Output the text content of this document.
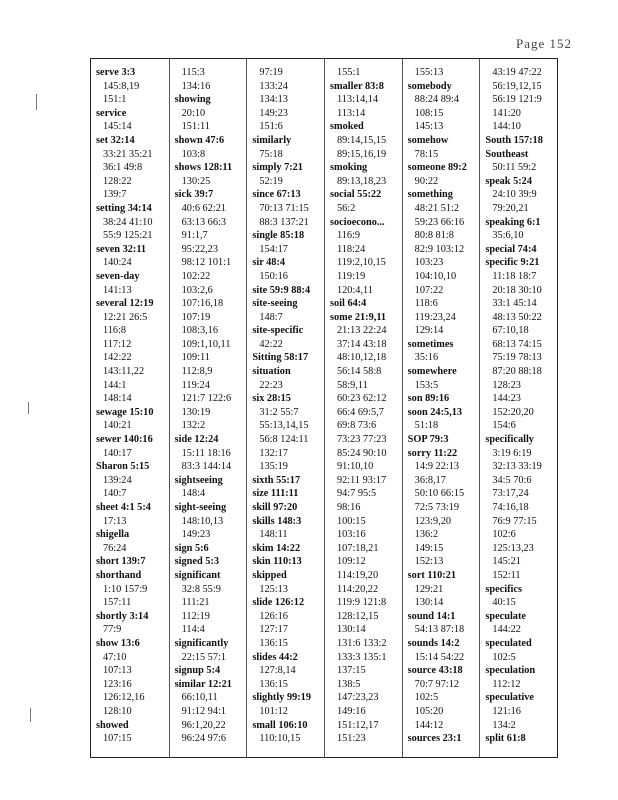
Page 152
serve 3:3
145:8,19
151:1
service
145:14
set 32:14
33:21 35:21
36:1 49:8
128:22
139:7
setting 34:14
38:24 41:10
55:9 125:21
seven 32:11
140:24
seven-day
141:13
several 12:19
12:21 26:5
116:8
117:12
142:22
143:11,22
144:1
148:14
sewage 15:10
140:21
sewer 140:16
140:17
Sharon 5:15
139:24
140:7
sheet 4:1 5:4
17:13
shigella
76:24
short 139:7
shorthand
1:10 157:9
157:11
shortly 3:14
77:9
show 13:6
47:10
107:13
123:16
126:12,16
128:10
showed
107:15
115:3
134:16
showing
20:10
151:11
shown 47:6
103:8
shows 128:11
130:25
sick 39:7
40:6 62:21
63:13 66:3
91:1,7
95:22,23
98:12 101:1
102:22
103:2,6
107:16,18
107:19
108:3,16
109:1,10,11
109:11
112:8,9
119:24
121:7 122:6
130:19
132:2
side 12:24
15:11 18:16
83:3 144:14
sightseeing
148:4
sight-seeing
148:10,13
149:23
sign 5:6
signed 5:3
significant
32:8 55:9
111:21
112:19
114:4
significantly
22:15 57:1
signup 5:4
similar 12:21
66:10,11
91:12 94:1
96:1,20,22
96:24 97:6
97:19
133:24
134:13
149:23
151:6
similarly
75:18
simply 7:21
52:19
since 67:13
70:13 71:15
88:3 137:21
single 85:18
154:17
sir 48:4
150:16
site 59:9 88:4
site-seeing
148:7
site-specific
42:22
Sitting 58:17
situation
22:23
six 28:15
31:2 55:7
55:13,14,15
56:8 124:11
132:17
135:19
sixth 55:17
size 111:11
skill 97:20
skills 148:3
148:11
skim 14:22
skin 110:13
skipped
125:13
slide 126:12
126:16
127:17
136:15
slides 44:2
127:8,14
136:15
slightly 99:19
101:12
small 106:10
110:10,15
155:1
smaller 83:8
113:14,14
113:14
smoked
89:14,15,15
89:15,16,19
smoking
89:13,18,23
social 55:22
56:2
socioecono...
116:9
118:24
119:2,10,15
119:19
120:4,11
soil 64:4
some 21:9,11
21:13 22:24
37:14 43:18
48:10,12,18
56:14 58:8
58:9,11
60:23 62:12
66:4 69:5,7
69:8 73:6
73:23 77:23
85:24 90:10
91:10,10
92:11 93:17
94:7 95:5
98:16
100:15
103:16
107:18,21
109:12
114:19,20
114:20,22
119:9 121:8
128:12,15
130:14
131:6 133:2
133:3 135:1
137:15
138:5
147:23,23
149:16
151:12,17
151:23
155:13
somebody
88:24 89:4
108:15
145:13
somehow
78:15
someone 89:2
90:22
something
48:21 51:2
59:23 66:16
80:8 81:8
82:9 103:12
103:23
104:10,10
107:22
118:6
119:23,24
129:14
sometimes
35:16
somewhere
153:5
son 89:16
soon 24:5,13
51:18
SOP 79:3
sorry 11:22
14:9 22:13
36:8,17
50:10 66:15
72:5 73:19
123:9,20
136:2
149:15
152:13
sort 110:21
129:21
130:14
sound 14:1
54:13 87:18
sounds 14:2
15:14 54:22
source 43:18
70:7 97:12
102:5
105:20
144:12
sources 23:1
43:19 47:22
56:19,12,15
56:19 121:9
141:20
144:10
South 157:18
Southeast
50:11 59:2
speak 5:24
24:10 39:9
79:20,21
speaking 6:1
35:6,10
special 74:4
specific 9:21
11:18 18:7
20:18 30:10
33:1 45:14
48:13 50:22
67:10,18
68:13 74:15
75:19 78:13
87:20 88:18
128:23
144:23
152:20,20
154:6
specifically
3:19 6:19
32:13 33:19
34:5 70:6
73:17,24
74:16,18
76:9 77:15
102:6
125:13,23
145:21
152:11
specifics
40:15
speculate
144:22
speculated
102:5
speculation
112:12
speculative
121:16
134:2
split 61:8
